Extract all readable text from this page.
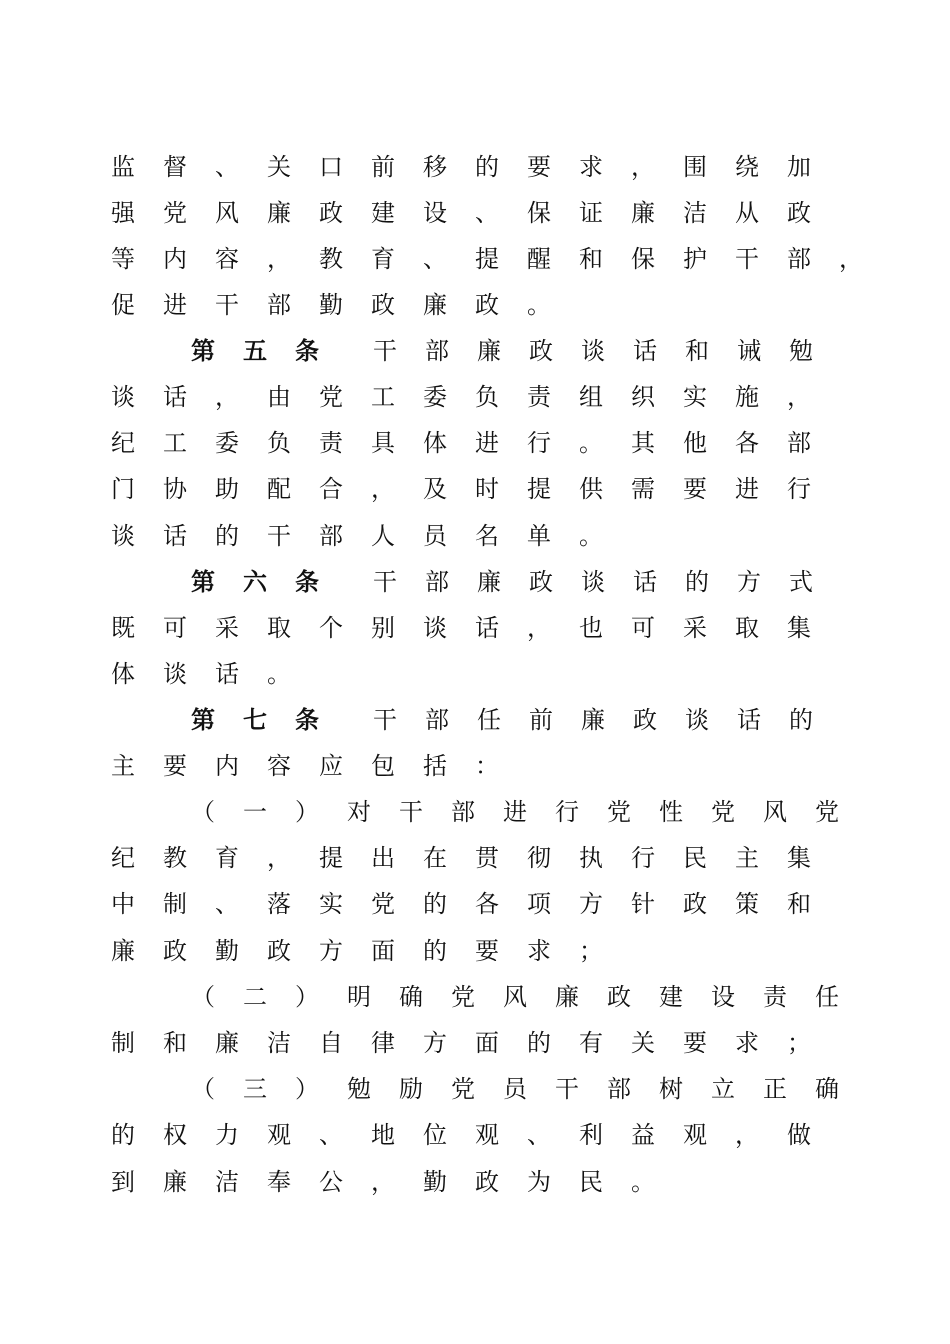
监 督 、 关 口 前 移 的 要 求 ， 围 绕 加
强 党 风 廉 政 建 设 、 保 证 廉 洁 从 政
等 内 容 ， 教 育 、 提 醒 和 保 护 干 部 ，
促 进 干 部 勤 政 廉 政 。
第 五 条 干 部 廉 政 谈 话 和 诫 勉
谈 话 ， 由 党 工 委 负 责 组 织 实 施 ，
纪 工 委 负 责 具 体 进 行 。 其 他 各 部
门 协 助 配 合 ， 及 时 提 供 需 要 进 行
谈 话 的 干 部 人 员 名 单 。
第 六 条 干 部 廉 政 谈 话 的 方 式
既 可 采 取 个 别 谈 话 ， 也 可 采 取 集
体 谈 话 。
第 七 条 干 部 任 前 廉 政 谈 话 的
主 要 内 容 应 包 括 ：
（ 一 ） 对 干 部 进 行 党 性 党 风 党
纪 教 育 ， 提 出 在 贯 彻 执 行 民 主 集
中 制 、 落 实 党 的 各 项 方 针 政 策 和
廉 政 勤 政 方 面 的 要 求 ；
（ 二 ） 明 确 党 风 廉 政 建 设 责 任
制 和 廉 洁 自 律 方 面 的 有 关 要 求 ；
（ 三 ） 勉 励 党 员 干 部 树 立 正 确
的 权 力 观 、 地 位 观 、 利 益 观 ， 做
到 廉 洁 奉 公 ， 勤 政 为 民 。
